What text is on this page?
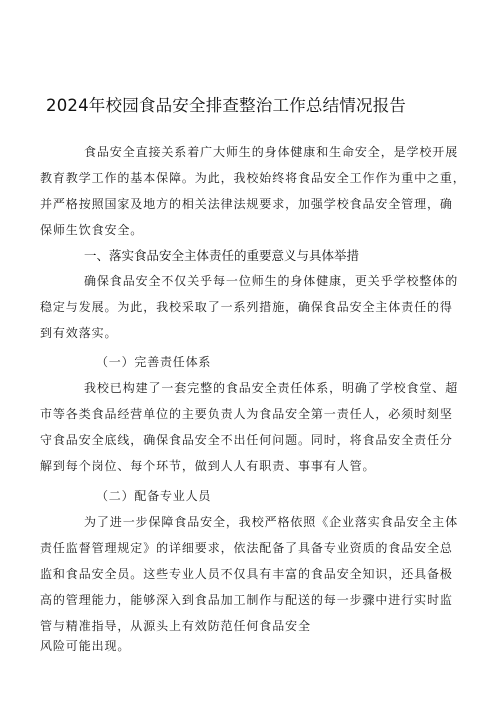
2024年校园食品安全排查整治工作总结情况报告
食品安全直接关系着广大师生的身体健康和生命安全，是学校开展
教育教学工作的基本保障。为此，我校始终将食品安全工作作为重中之重，
并严格按照国家及地方的相关法律法规要求，加强学校食品安全管理，确
保师生饮食安全。
一、落实食品安全主体责任的重要意义与具体举措
确保食品安全不仅关乎每一位师生的身体健康，更关乎学校整体的
稳定与发展。为此，我校采取了一系列措施，确保食品安全主体责任的得
到有效落实。
（一）完善责任体系
我校已构建了一套完整的食品安全责任体系，明确了学校食堂、超
市等各类食品经营单位的主要负责人为食品安全第一责任人，必须时刻坚
守食品安全底线，确保食品安全不出任何问题。同时，将食品安全责任分
解到每个岗位、每个环节，做到人人有职责、事事有人管。
（二）配备专业人员
为了进一步保障食品安全，我校严格依照《企业落实食品安全主体
责任监督管理规定》的详细要求，依法配备了具备专业资质的食品安全总
监和食品安全员。这些专业人员不仅具有丰富的食品安全知识，还具备极
高的管理能力，能够深入到食品加工制作与配送的每一步骤中进行实时监
管与精准指导，从源头上有效防范任何食品安全
风险可能出现。
